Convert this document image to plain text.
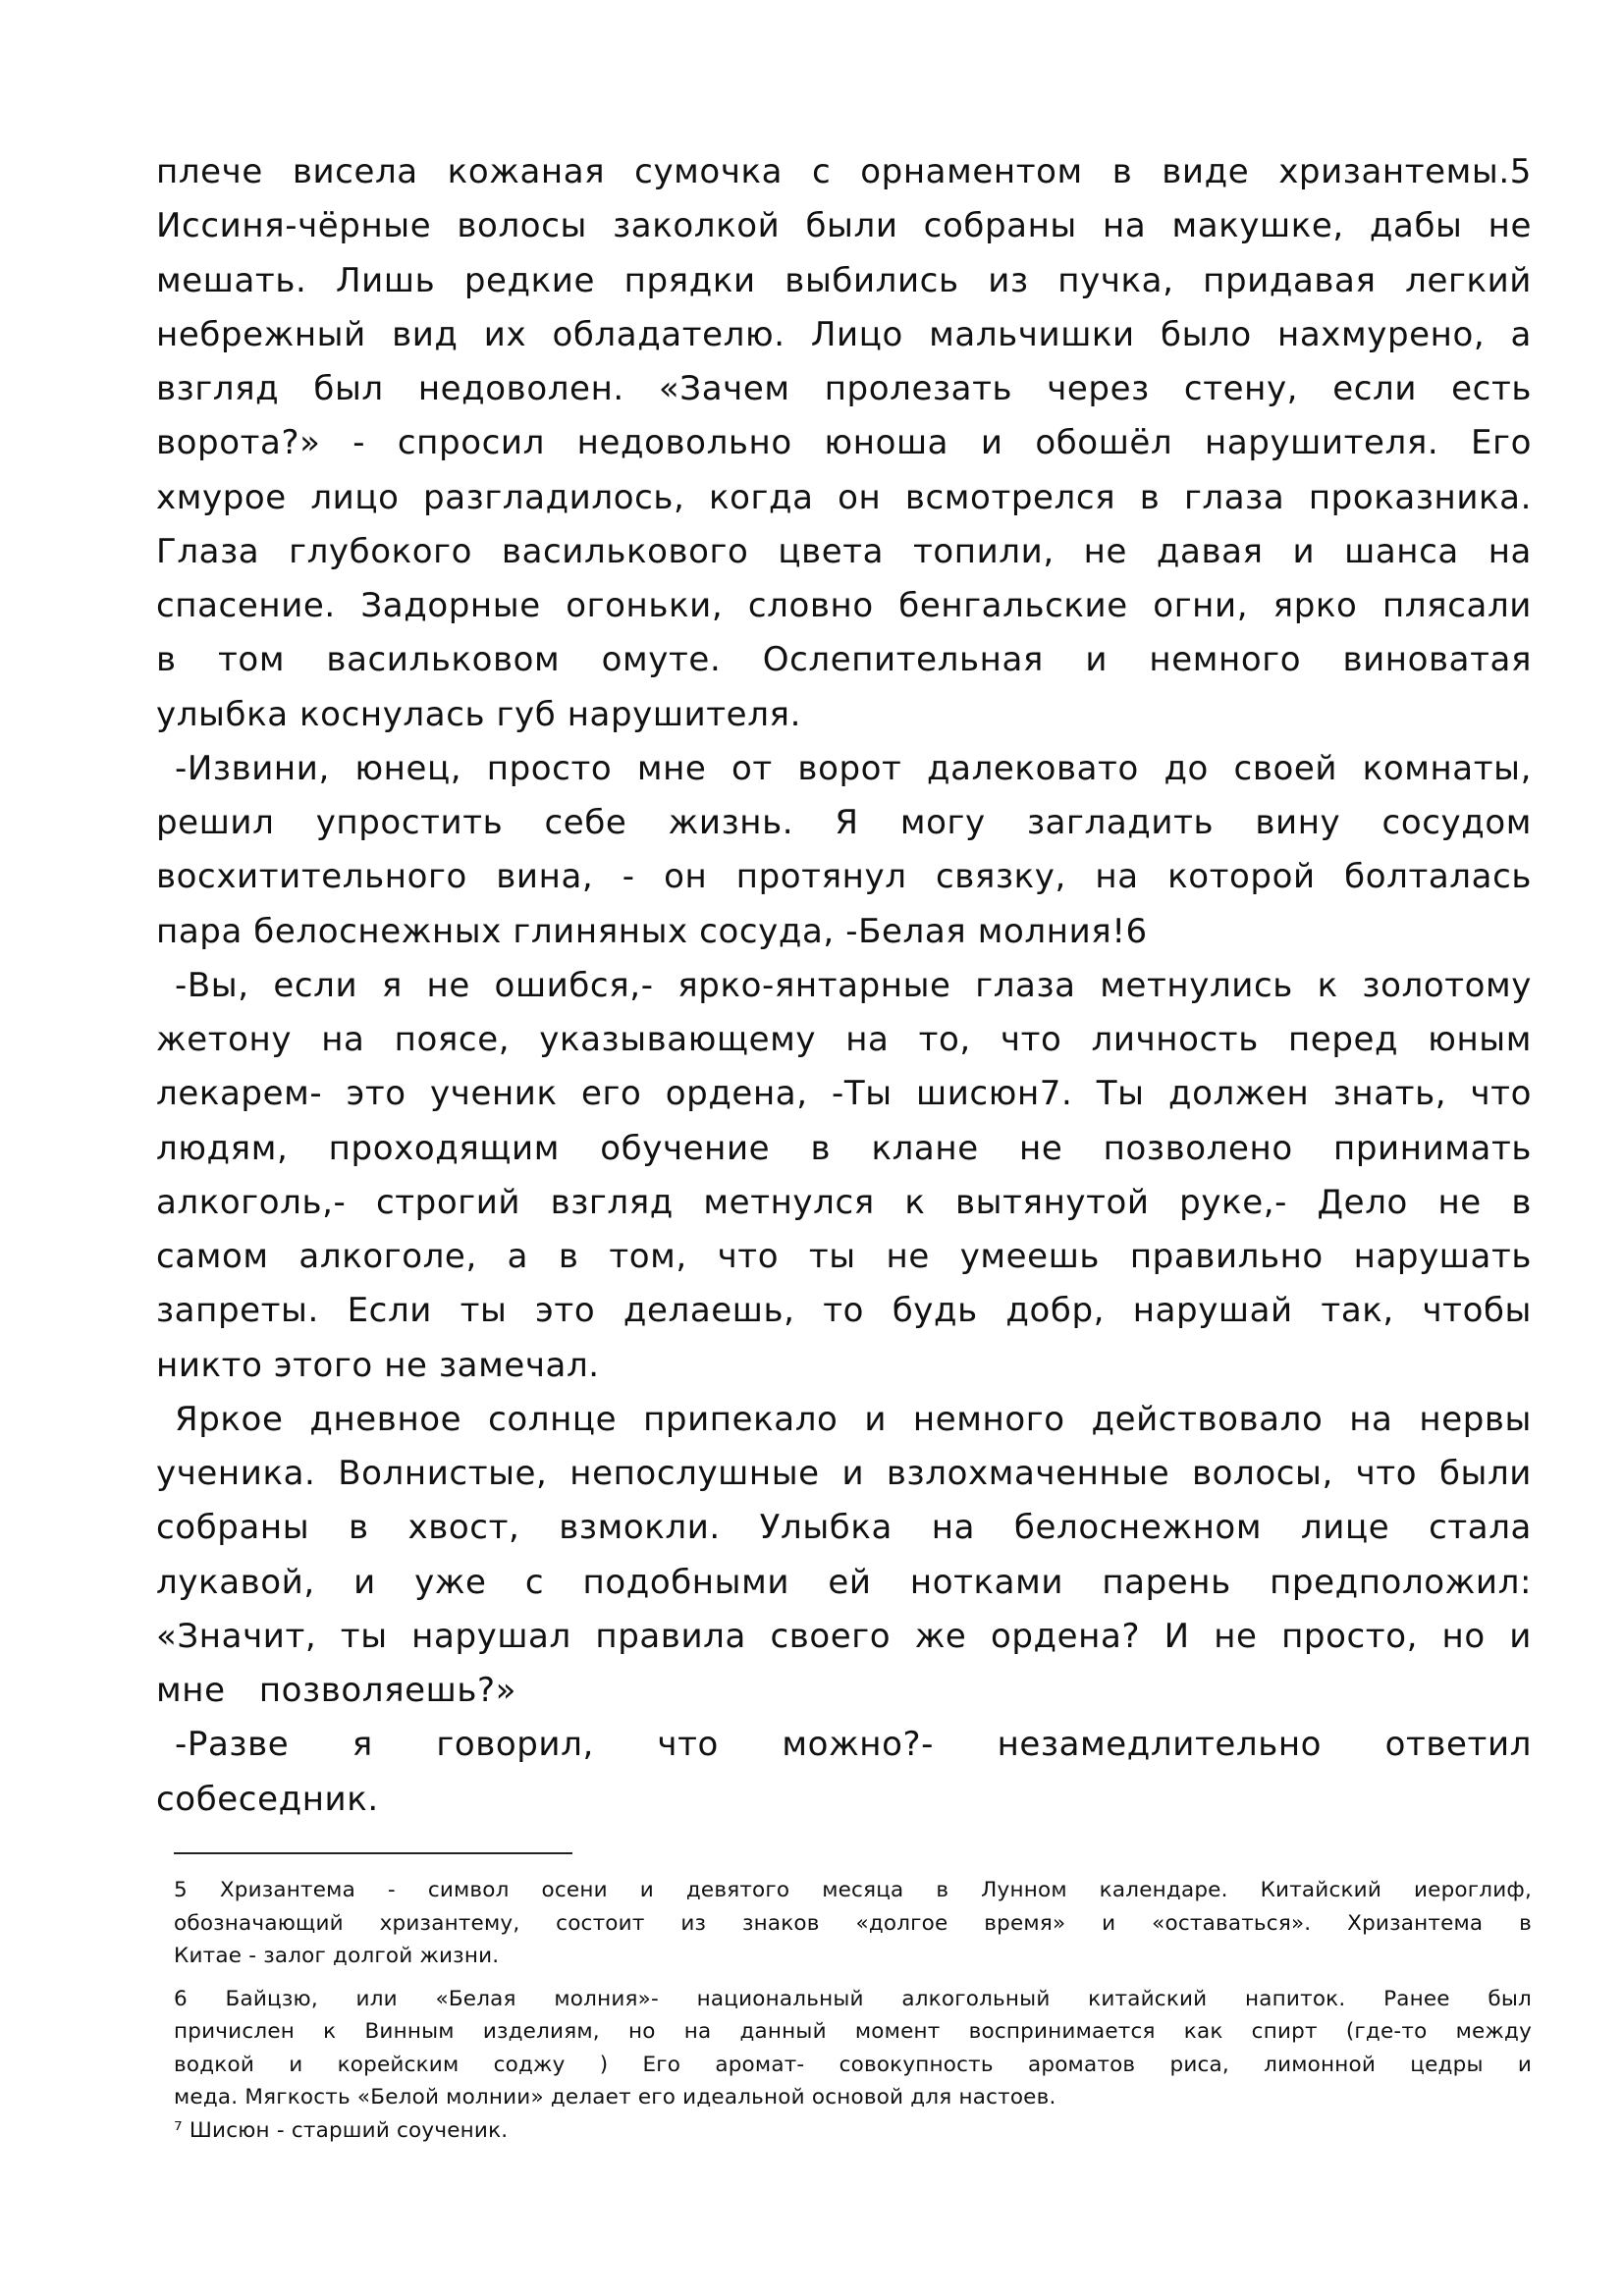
плече висела кожаная сумочка с орнаментом в виде хризантемы.5
Иссиня-чёрные волосы заколкой были собраны на макушке, дабы не
мешать. Лишь редкие прядки выбились из пучка, придавая легкий
небрежный вид их обладателю. Лицо мальчишки было нахмурено, а
взгляд был недоволен. «Зачем пролезать через стену, если есть
ворота?» - спросил недовольно юноша и обошёл нарушителя. Его
хмурое лицо разгладилось, когда он всмотрелся в глаза проказника.
Глаза глубокого василькового цвета топили, не давая и шанса на
спасение. Задорные огоньки, словно бенгальские огни, ярко плясали
в том васильковом омуте. Ослепительная и немного виноватая
улыбка коснулась губ нарушителя.
-Извини, юнец, просто мне от ворот далековато до своей комнаты,
решил упростить себе жизнь. Я могу загладить вину сосудом
восхитительного вина, - он протянул связку, на которой болталась
пара белоснежных глиняных сосуда, -Белая молния!6
-Вы, если я не ошибся,- ярко-янтарные глаза метнулись к золотому
жетону на поясе, указывающему на то, что личность перед юным
лекарем- это ученик его ордена, -Ты шисюн7. Ты должен знать, что
людям, проходящим обучение в клане не позволено принимать
алкоголь,- строгий взгляд метнулся к вытянутой руке,- Дело не в
самом алкоголе, а в том, что ты не умеешь правильно нарушать
запреты. Если ты это делаешь, то будь добр, нарушай так, чтобы
никто этого не замечал.
Яркое дневное солнце припекало и немного действовало на нервы
ученика. Волнистые, непослушные и взлохмаченные волосы, что были
собраны в хвост, взмокли. Улыбка на белоснежном лице стала
лукавой, и уже с подобными ей нотками парень предположил:
«Значит, ты нарушал правила своего же ордена? И не просто, но и
мне   позволяешь?»
-Разве я говорил, что можно?- незамедлительно ответил
собеседник.
5 Хризантема - символ осени и девятого месяца в Лунном календаре. Китайский иероглиф,
обозначающий хризантему, состоит из знаков «долгое время» и «оставаться». Хризантема в
Китае - залог долгой жизни.
6 Байцзю, или «Белая молния»- национальный алкогольный китайский напиток. Ранее был
причислен к Винным изделиям, но на данный момент воспринимается как спирт (где-то между
водкой и корейским соджу ) Его аромат- совокупность ароматов риса, лимонной цедры и
меда. Мягкость «Белой молнии» делает его идеальной основой для настоев.
⁷ Шисюн - старший соученик.
